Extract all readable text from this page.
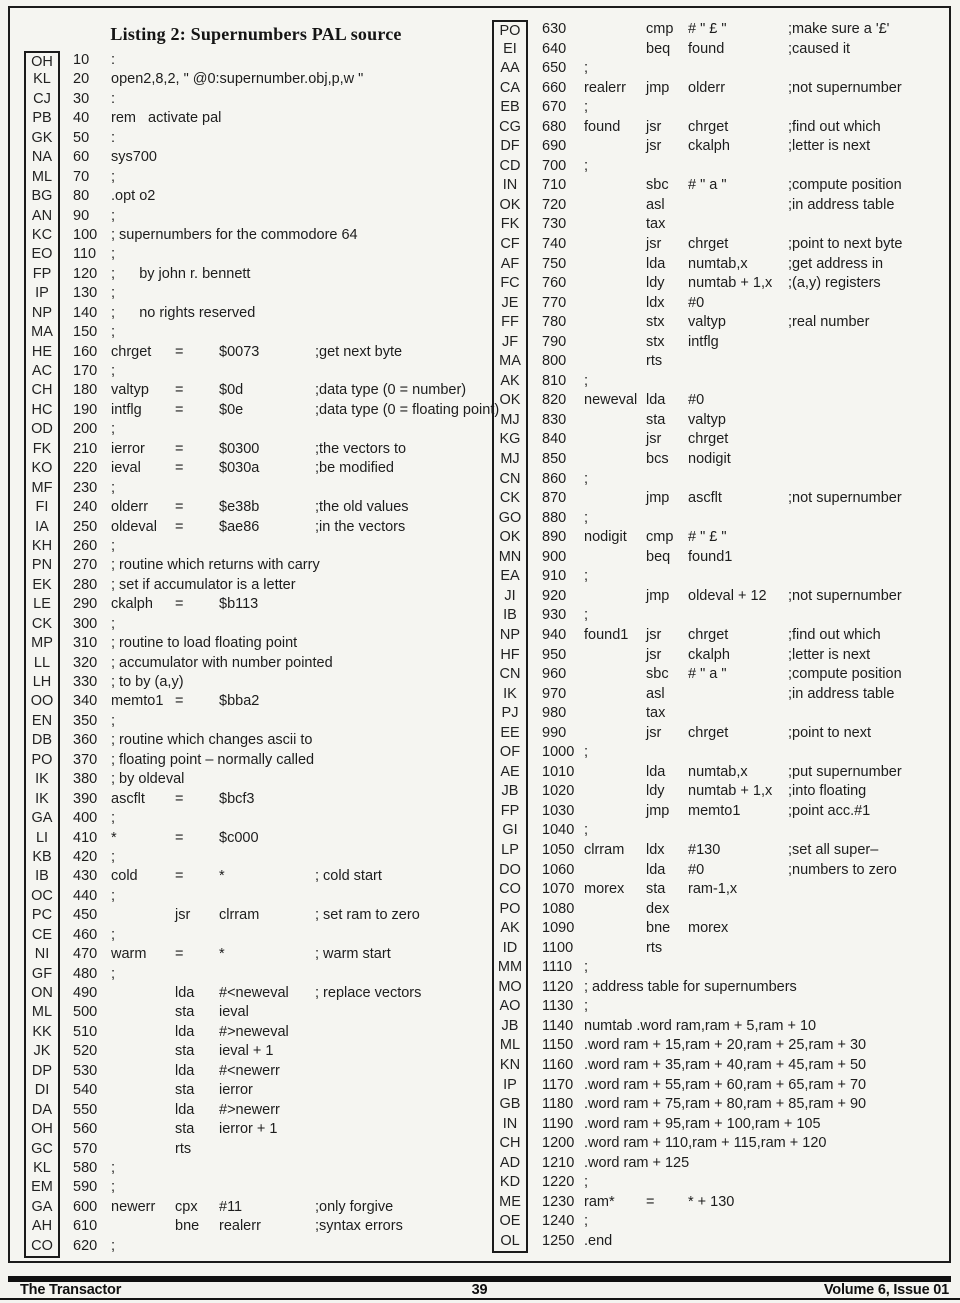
Listing 2: Supernumbers PAL source
OH	10	:
KL	20	open2,8,2, " @0:supernumber.obj,p,w "
CJ	30	:
PB	40	rem   activate pal
GK	50	:
NA	60	sys700
ML	70	;
BG	80	.opt o2
AN	90	;
KC	100 ; supernumbers for the commodore 64
EO	110	;
FP	120 ;      by john r. bennett
IP	130 ;
NP	140 ;      no rights reserved
MA	150 ;
HE	160 chrget	=	$0073	;get next byte
AC	170 ;
CH	180 valtyp	=	$0d	;data type (0 = number)
HC	190 intflg	=	$0e	;data type (0 = floating point)
OD	200 ;
FK	210 ierror	=	$0300	;the vectors to
KO	220 ieval	=	$030a	;be modified
MF	230 ;
FI	240 olderr	=	$e38b	;the old values
IA	250 oldeval	=	$ae86	;in the vectors
KH	260 ;
PN	270 ; routine which returns with carry
EK	280 ; set if accumulator is a letter
LE	290 ckalph	=	$b113
CK	300 ;
MP	310 ; routine to load floating point
LL	320 ; accumulator with number pointed
LH	330 ; to by (a,y)
OO	340 memto1 =	$bba2
EN	350 ;
DB	360 ; routine which changes ascii to
PO	370 ; floating point – normally called
IK	380 ; by oldeval
IK	390 ascflt	=	$bcf3
GA	400 ;
LI	410 *	=	$c000
KB	420 ;
IB	430 cold	=	*	; cold start
OC	440 ;
PC	450	jsr	clrram	; set ram to zero
CE	460 ;
NI	470 warm	=	*	; warm start
GF	480 ;
ON	490	lda	#<neweval	; replace vectors
ML	500	sta	ieval
KK	510	lda	#>neweval
JK	520	sta	ieval + 1
DP	530	lda	#<newerr
DI	540	sta	ierror
DA	550	lda	#>newerr
OH	560	sta	ierror + 1
GC	570	rts
KL	580 ;
EM	590 ;
GA	600 newerr	cpx	#11	;only forgive
AH	610	bne	realerr	;syntax errors
CO	620 ;
PO	630	cmp	# " £ "	;make sure a '£'
EI	640	beq	found	;caused it
AA	650	;
CA	660	realerr	jmp	olderr	;not supernumber
EB	670	;
CG	680	found	jsr	chrget	;find out which
DF	690	jsr	ckalph	;letter is next
CD	700	;
IN	710	sbc	# " a "	;compute position
OK	720	asl	;in address table
FK	730	tax
CF	740	jsr	chrget	;point to next byte
AF	750	lda	numtab,x	;get address in
FC	760	ldy	numtab + 1,x	;(a,y) registers
JE	770	ldx	#0
FF	780	stx	valtyp	;real number
JF	790	stx	intflg
MA	800	rts
AK	810	;
OK	820	neweval lda	#0
MJ	830	sta	valtyp
KG	840	jsr	chrget
MJ	850	bcs	nodigit
CN	860	;
CK	870	jmp	ascflt	;not supernumber
GO	880	;
OK	890	nodigit	cmp	# " £ "
MN	900	beq	found1
EA	910	;
JI	920	jmp	oldeval + 12	;not supernumber
IB	930	;
NP	940	found1	jsr	chrget	;find out which
HF	950	jsr	ckalph	;letter is next
CN	960	sbc	# " a "	;compute position
IK	970	asl	;in address table
PJ	980	tax
EE	990	jsr	chrget	;point to next
OF	1000 ;
AE	1010	lda	numtab,x	;put supernumber
JB	1020	ldy	numtab + 1,x	;into floating
FP	1030	jmp	memto1	;point acc.#1
GI	1040 ;
LP	1050 clrram	ldx	#130	;set all super–
DO	1060	lda	#0	;numbers to zero
CO	1070 morex	sta	ram-1,x
PO	1080	dex
AK	1090	bne	morex
ID	1100	rts
MM	1110 ;
MO	1120 ; address table for supernumbers
AO	1130 ;
JB	1140 numtab .word ram,ram + 5,ram + 10
ML	1150 .word ram + 15,ram + 20,ram + 25,ram + 30
KN	1160 .word ram + 35,ram + 40,ram + 45,ram + 50
IP	1170 .word ram + 55,ram + 60,ram + 65,ram + 70
GB	1180 .word ram + 75,ram + 80,ram + 85,ram + 90
IN	1190 .word ram + 95,ram + 100,ram + 105
CH	1200 .word ram + 110,ram + 115,ram + 120
AD	1210 .word ram + 125
KD	1220 ;
ME	1230 ram*	=	* + 130
OE	1240 ;
OL	1250 .end
The Transactor	39	Volume 6, Issue 01
